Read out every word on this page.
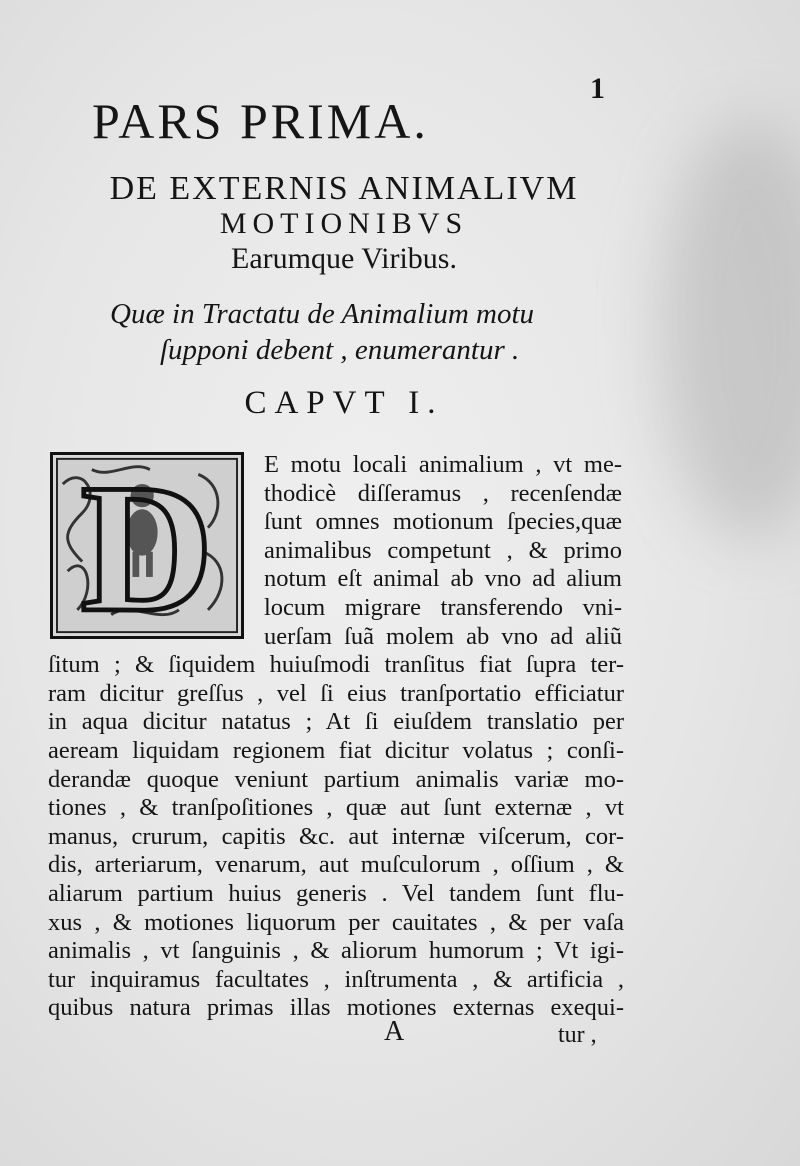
1
PARS PRIMA.
DE EXTERNIS ANIMALIVM
MOTIONIBVS
Earumque Viribus.
Quæ in Tractatu de Animalium motu
ſupponi debent , enumerantur .
CAPVT I.
D E motu locali animalium , vt me-
thodicè diſſeramus , recenſendæ
ſunt omnes motionum ſpecies,quæ
animalibus competunt , & primo
notum eſt animal ab vno ad alium
locum migrare transferendo vni-
uerſam ſuã molem ab vno ad aliũ
ſitum ; & ſiquidem huiuſmodi tranſitus fiat ſupra ter-
ram dicitur greſſus , vel ſi eius tranſportatio efficiatur
in aqua dicitur natatus ; At ſi eiuſdem translatio per
aeream liquidam regionem fiat dicitur volatus ; conſi-
derandæ quoque veniunt partium animalis variæ mo-
tiones , & tranſpoſitiones , quæ aut ſunt externæ , vt
manus, crurum, capitis &c. aut internæ viſcerum, cor-
dis, arteriarum, venarum, aut muſculorum , oſſium , &
aliarum partium huius generis . Vel tandem ſunt flu-
xus , & motiones liquorum per cauitates , & per vaſa
animalis , vt ſanguinis , & aliorum humorum ; Vt igi-
tur inquiramus facultates , inſtrumenta , & artificia ,
quibus natura primas illas motiones externas exequi-
A	tur ,
